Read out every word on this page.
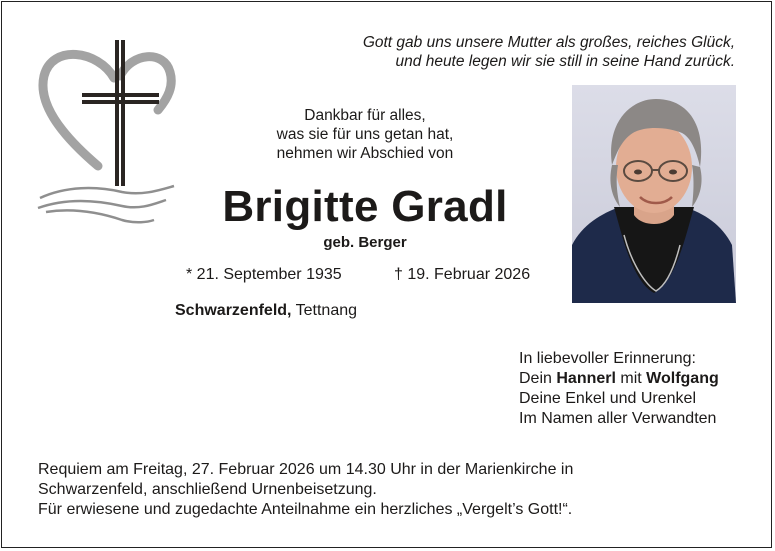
Gott gab uns unsere Mutter als großes, reiches Glück,
und heute legen wir sie still in seine Hand zurück.
Dankbar für alles,
was sie für uns getan hat,
nehmen wir Abschied von
Brigitte Gradl
geb. Berger
* 21. September 1935	† 19. Februar 2026
Schwarzenfeld, Tettnang
In liebevoller Erinnerung:
Dein Hannerl mit Wolfgang
Deine Enkel und Urenkel
Im Namen aller Verwandten
Requiem am Freitag, 27. Februar 2026 um 14.30 Uhr in der Marienkirche in
Schwarzenfeld, anschließend Urnenbeisetzung.
Für erwiesene und zugedachte Anteilnahme ein herzliches „Vergelt’s Gott!“.
